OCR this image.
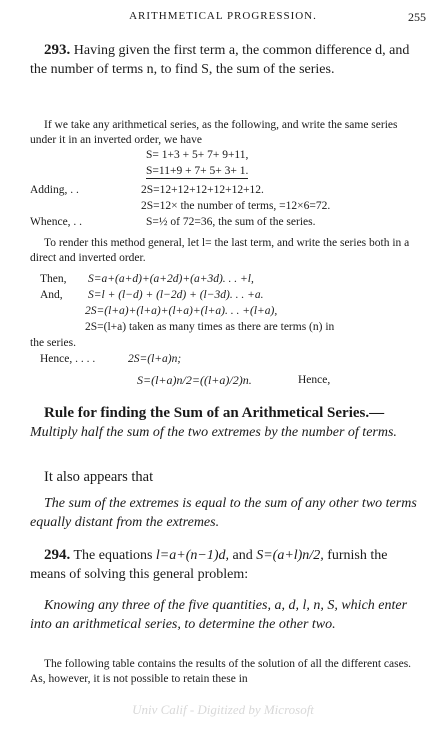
ARITHMETICAL PROGRESSION.	255

293. Having given the first term a, the common difference d, and the number of terms n, to find S, the sum of the series.

If we take any arithmetical series, as the following, and write the same series under it in an inverted order, we have

S= 1+3 + 5+ 7+ 9+11,
S=11+9 + 7+ 5+ 3+ 1.
Adding, . .	2S=12+12+12+12+12+12.
2S=12× the number of terms, =12×6=72.
Whence, . .	S=½ of 72=36, the sum of the series.

To render this method general, let l= the last term, and write the series both in a direct and inverted order.

Then, S=a+(a+d)+(a+2d)+(a+3d). . . +l,
And, S=l + (l−d) + (l−2d) + (l−3d). . . +a.
2S=(l+a)+(l+a)+(l+a)+(l+a). . . +(l+a),
2S=(l+a) taken as many times as there are terms (n) in
the series.
Hence, . . . .	2S=(l+a)n;
S=(l+a)n/2=((l+a)/2)n.	Hence,

Rule for finding the Sum of an Arithmetical Series.— Multiply half the sum of the two extremes by the number of terms.

It also appears that

The sum of the extremes is equal to the sum of any other two terms equally distant from the extremes.

294. The equations l=a+(n−1)d, and S=(a+l)n/2, furnish the means of solving this general problem:

Knowing any three of the five quantities, a, d, l, n, S, which enter into an arithmetical series, to determine the other two.

The following table contains the results of the solution of all the different cases. As, however, it is not possible to retain these in

Univ Calif - Digitized by Microsoft
